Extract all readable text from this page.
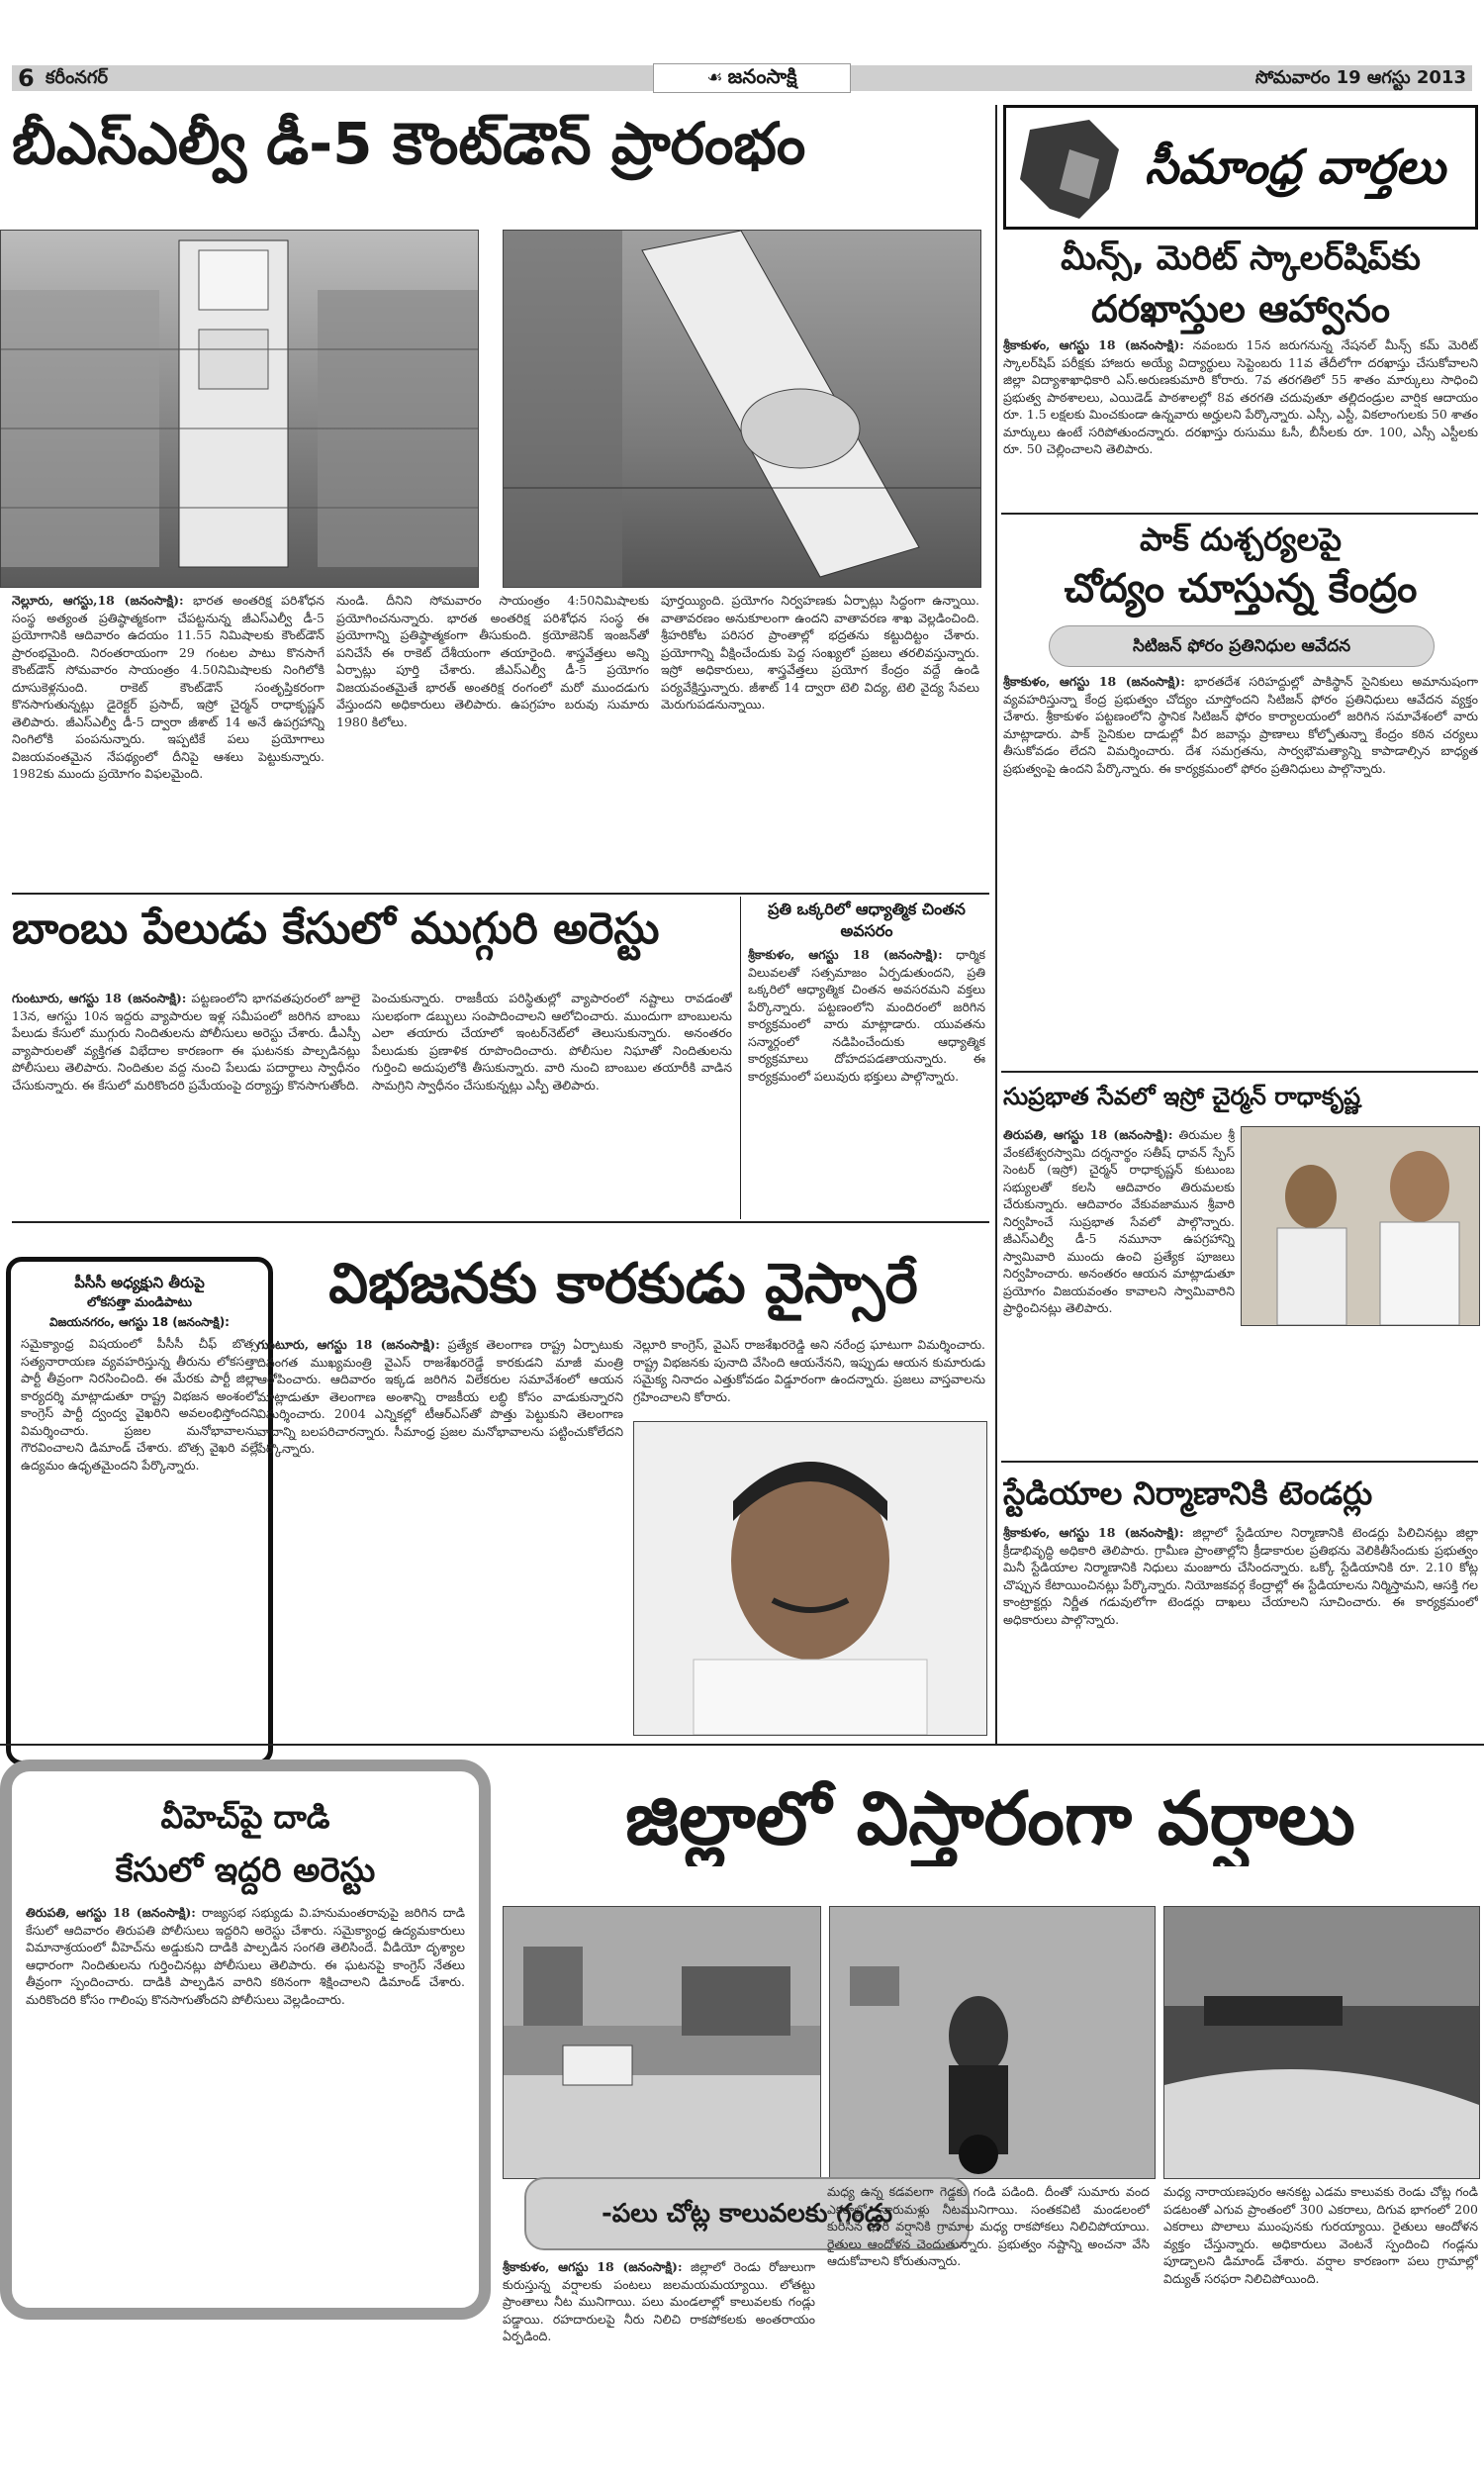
6 కరీంనగర్	☙ జనంసాక్షి	సోమవారం 19 ఆగస్టు 2013
బీఎస్ఎల్వీ డీ-5 కౌంట్‌డౌన్ ప్రారంభం
నెల్లూరు, ఆగస్టు,18 (జనంసాక్షి): భారత అంతరిక్ష పరిశోధన సంస్థ అత్యంత ప్రతిష్ఠాత్మకంగా చేపట్టనున్న జీఎస్ఎల్వీ డీ-5 ప్రయోగానికి ఆదివారం ఉదయం 11.55 నిమిషాలకు కౌంట్‌డౌన్ ప్రారంభమైంది. నిరంతరాయంగా 29 గంటల పాటు కొనసాగే కౌంట్‌డౌన్ సోమవారం సాయంత్రం 4.50నిమిషాలకు నింగిలోకి దూసుకెళ్లనుంది. రాకెట్ కౌంట్‌డౌన్ సంతృప్తికరంగా కొనసాగుతున్నట్లు డైరెక్టర్ ప్రసాద్, ఇస్రో చైర్మన్ రాధాకృష్ణన్ తెలిపారు. జీఎస్ఎల్వీ డీ-5 ద్వారా జీశాట్ 14 అనే ఉపగ్రహాన్ని నింగిలోకి పంపనున్నారు. ఇప్పటికే పలు ప్రయోగాలు విజయవంతమైన నేపథ్యంలో దీనిపై ఆశలు పెట్టుకున్నారు. 1982కు ముందు ప్రయోగం విఫలమైంది.
నుండి. దీనిని సోమవారం సాయంత్రం 4:50నిమిషాలకు ప్రయోగించనున్నారు. భారత అంతరిక్ష పరిశోధన సంస్థ ఈ ప్రయోగాన్ని ప్రతిష్ఠాత్మకంగా తీసుకుంది. క్రయోజెనిక్ ఇంజన్‌తో పనిచేసే ఈ రాకెట్ దేశీయంగా తయారైంది. శాస్త్రవేత్తలు అన్ని ఏర్పాట్లు పూర్తి చేశారు. జీఎస్ఎల్వీ డీ-5 ప్రయోగం విజయవంతమైతే భారత్ అంతరిక్ష రంగంలో మరో ముందడుగు వేస్తుందని అధికారులు తెలిపారు. ఉపగ్రహం బరువు సుమారు 1980 కిలోలు.
పూర్తయ్యింది. ప్రయోగం నిర్వహణకు ఏర్పాట్లు సిద్ధంగా ఉన్నాయి. వాతావరణం అనుకూలంగా ఉందని వాతావరణ శాఖ వెల్లడించింది. శ్రీహరికోట పరిసర ప్రాంతాల్లో భద్రతను కట్టుదిట్టం చేశారు. ప్రయోగాన్ని వీక్షించేందుకు పెద్ద సంఖ్యలో ప్రజలు తరలివస్తున్నారు. ఇస్రో అధికారులు, శాస్త్రవేత్తలు ప్రయోగ కేంద్రం వద్దే ఉండి పర్యవేక్షిస్తున్నారు. జీశాట్ 14 ద్వారా టెలి విద్య, టెలి వైద్య సేవలు మెరుగుపడనున్నాయి.
బాంబు పేలుడు కేసులో ముగ్గురి అరెస్టు
గుంటూరు, ఆగస్టు 18 (జనంసాక్షి): పట్టణంలోని భాగవతపురంలో జూలై 13న, ఆగస్టు 10న ఇద్దరు వ్యాపారుల ఇళ్ల సమీపంలో జరిగిన బాంబు పేలుడు కేసులో ముగ్గురు నిందితులను పోలీసులు అరెస్టు చేశారు. డీఎస్పీ వ్యాపారులతో వ్యక్తిగత విభేదాల కారణంగా ఈ ఘటనకు పాల్పడినట్లు పోలీసులు తెలిపారు. నిందితుల వద్ద నుంచి పేలుడు పదార్థాలు స్వాధీనం చేసుకున్నారు. ఈ కేసులో మరికొందరి ప్రమేయంపై దర్యాప్తు కొనసాగుతోంది.
పెంచుకున్నారు. రాజకీయ పరిస్థితుల్లో వ్యాపారంలో నష్టాలు రావడంతో సులభంగా డబ్బులు సంపాదించాలని ఆలోచించారు. ముందుగా బాంబులను ఎలా తయారు చేయాలో ఇంటర్‌నెట్‌లో తెలుసుకున్నారు. అనంతరం పేలుడుకు ప్రణాళిక రూపొందించారు. పోలీసుల నిఘాతో నిందితులను గుర్తించి అదుపులోకి తీసుకున్నారు. వారి నుంచి బాంబుల తయారీకి వాడిన సామగ్రిని స్వాధీనం చేసుకున్నట్లు ఎస్పీ తెలిపారు.
ప్రతి ఒక్కరిలో ఆధ్యాత్మిక చింతన
అవసరం
శ్రీకాకుళం, ఆగస్టు 18 (జనంసాక్షి): ధార్మిక విలువలతో సత్సమాజం ఏర్పడుతుందని, ప్రతి ఒక్కరిలో ఆధ్యాత్మిక చింతన అవసరమని వక్తలు పేర్కొన్నారు. పట్టణంలోని మందిరంలో జరిగిన కార్యక్రమంలో వారు మాట్లాడారు. యువతను సన్మార్గంలో నడిపించేందుకు ఆధ్యాత్మిక కార్యక్రమాలు దోహదపడతాయన్నారు. ఈ కార్యక్రమంలో పలువురు భక్తులు పాల్గొన్నారు.
పీసీసీ అధ్యక్షుని తీరుపై
లోకసత్తా మండిపాటు
విజయనగరం, ఆగస్టు 18 (జనంసాక్షి):
సమైక్యాంధ్ర విషయంలో పీసీసీ చీఫ్ బొత్స సత్యనారాయణ వ్యవహరిస్తున్న తీరును లోకసత్తా పార్టీ తీవ్రంగా నిరసించింది. ఈ మేరకు పార్టీ జిల్లా కార్యదర్శి మాట్లాడుతూ రాష్ట్ర విభజన అంశంలో కాంగ్రెస్ పార్టీ ద్వంద్వ వైఖరిని అవలంభిస్తోందని విమర్శించారు. ప్రజల మనోభావాలను గౌరవించాలని డిమాండ్ చేశారు. బొత్స వైఖరి వల్లే ఉద్యమం ఉధృతమైందని పేర్కొన్నారు.
విభజనకు కారకుడు వైస్సారే
గుంటూరు, ఆగస్టు 18 (జనంసాక్షి): ప్రత్యేక తెలంగాణ రాష్ట్ర ఏర్పాటుకు దివంగత ముఖ్యమంత్రి వైఎస్ రాజశేఖరరెడ్డే కారకుడని మాజీ మంత్రి ఆరోపించారు. ఆదివారం ఇక్కడ జరిగిన విలేకరుల సమావేశంలో ఆయన మాట్లాడుతూ తెలంగాణ అంశాన్ని రాజకీయ లబ్ధి కోసం వాడుకున్నారని విమర్శించారు. 2004 ఎన్నికల్లో టీఆర్ఎస్‌తో పొత్తు పెట్టుకుని తెలంగాణ వాదాన్ని బలపరిచారన్నారు. సీమాంధ్ర ప్రజల మనోభావాలను పట్టించుకోలేదని పేర్కొన్నారు.
నెల్లూరి కాంగ్రెస్, వైఎస్ రాజశేఖరరెడ్డి అని నరేంద్ర ఘాటుగా విమర్శించారు. రాష్ట్ర విభజనకు పునాది వేసింది ఆయనేనని, ఇప్పుడు ఆయన కుమారుడు సమైక్య నినాదం ఎత్తుకోవడం విడ్డూరంగా ఉందన్నారు. ప్రజలు వాస్తవాలను గ్రహించాలని కోరారు.
సీమాంధ్ర వార్తలు
మీన్స్, మెరిట్ స్కాలర్‌షిప్‌కు
దరఖాస్తుల ఆహ్వానం
శ్రీకాకుళం, ఆగస్టు 18 (జనంసాక్షి): నవంబరు 15న జరుగనున్న నేషనల్ మీన్స్ కమ్ మెరిట్ స్కాలర్‌షిప్ పరీక్షకు హాజరు అయ్యే విద్యార్థులు సెప్టెంబరు 11వ తేదీలోగా దరఖాస్తు చేసుకోవాలని జిల్లా విద్యాశాఖాధికారి ఎస్.అరుణకుమారి కోరారు. 7వ తరగతిలో 55 శాతం మార్కులు సాధించి ప్రభుత్వ పాఠశాలలు, ఎయిడెడ్ పాఠశాలల్లో 8వ తరగతి చదువుతూ తల్లిదండ్రుల వార్షిక ఆదాయం రూ. 1.5 లక్షలకు మించకుండా ఉన్నవారు అర్హులని పేర్కొన్నారు. ఎస్సీ, ఎస్టీ, వికలాంగులకు 50 శాతం మార్కులు ఉంటే సరిపోతుందన్నారు. దరఖాస్తు రుసుము ఓసీ, బీసీలకు రూ. 100, ఎస్సీ ఎస్టీలకు రూ. 50 చెల్లించాలని తెలిపారు.
పాక్ దుశ్చర్యలపై
చోద్యం చూస్తున్న కేంద్రం
సిటిజన్ ఫోరం ప్రతినిధుల ఆవేదన
శ్రీకాకుళం, ఆగస్టు 18 (జనంసాక్షి): భారతదేశ సరిహద్దుల్లో పాకిస్థాన్ సైనికులు అమానుషంగా వ్యవహరిస్తున్నా కేంద్ర ప్రభుత్వం చోద్యం చూస్తోందని సిటిజన్ ఫోరం ప్రతినిధులు ఆవేదన వ్యక్తం చేశారు. శ్రీకాకుళం పట్టణంలోని స్థానిక సిటిజన్ ఫోరం కార్యాలయంలో జరిగిన సమావేశంలో వారు మాట్లాడారు. పాక్ సైనికుల దాడుల్లో వీర జవాన్లు ప్రాణాలు కోల్పోతున్నా కేంద్రం కఠిన చర్యలు తీసుకోవడం లేదని విమర్శించారు. దేశ సమగ్రతను, సార్వభౌమత్యాన్ని కాపాడాల్సిన బాధ్యత ప్రభుత్వంపై ఉందని పేర్కొన్నారు. ఈ కార్యక్రమంలో ఫోరం ప్రతినిధులు పాల్గొన్నారు.
సుప్రభాత సేవలో ఇస్రో చైర్మన్ రాధాకృష్ణ
తిరుపతి, ఆగస్టు 18 (జనంసాక్షి): తిరుమల శ్రీ వేంకటేశ్వరస్వామి దర్శనార్థం సతీష్ ధావన్ స్పేస్ సెంటర్ (ఇస్రో) చైర్మన్ రాధాకృష్ణన్ కుటుంబ సభ్యులతో కలసి ఆదివారం తిరుమలకు చేరుకున్నారు. ఆదివారం వేకువజామున శ్రీవారి నిర్వహించే సుప్రభాత సేవలో పాల్గొన్నారు. జీఎస్ఎల్వీ డీ-5 నమూనా ఉపగ్రహాన్ని స్వామివారి ముందు ఉంచి ప్రత్యేక పూజలు నిర్వహించారు. అనంతరం ఆయన మాట్లాడుతూ ప్రయోగం విజయవంతం కావాలని స్వామివారిని ప్రార్థించినట్లు తెలిపారు.
స్టేడియాల నిర్మాణానికి టెండర్లు
శ్రీకాకుళం, ఆగస్టు 18 (జనంసాక్షి): జిల్లాలో స్టేడియాల నిర్మాణానికి టెండర్లు పిలిచినట్లు జిల్లా క్రీడాభివృద్ధి అధికారి తెలిపారు. గ్రామీణ ప్రాంతాల్లోని క్రీడాకారుల ప్రతిభను వెలికితీసేందుకు ప్రభుత్వం మినీ స్టేడియాల నిర్మాణానికి నిధులు మంజూరు చేసిందన్నారు. ఒక్కో స్టేడియానికి రూ. 2.10 కోట్ల చొప్పున కేటాయించినట్లు పేర్కొన్నారు. నియోజకవర్గ కేంద్రాల్లో ఈ స్టేడియాలను నిర్మిస్తామని, ఆసక్తి గల కాంట్రాక్టర్లు నిర్ణీత గడువులోగా టెండర్లు దాఖలు చేయాలని సూచించారు. ఈ కార్యక్రమంలో అధికారులు పాల్గొన్నారు.
వీహెచ్‌పై దాడి
కేసులో ఇద్దరి అరెస్టు
తిరుపతి, ఆగస్టు 18 (జనంసాక్షి): రాజ్యసభ సభ్యుడు వి.హనుమంతరావుపై జరిగిన దాడి కేసులో ఆదివారం తిరుపతి పోలీసులు ఇద్దరిని అరెస్టు చేశారు. సమైక్యాంధ్ర ఉద్యమకారులు విమానాశ్రయంలో వీహెచ్‌ను అడ్డుకుని దాడికి పాల్పడిన సంగతి తెలిసిందే. వీడియో దృశ్యాల ఆధారంగా నిందితులను గుర్తించినట్లు పోలీసులు తెలిపారు. ఈ ఘటనపై కాంగ్రెస్ నేతలు తీవ్రంగా స్పందించారు. దాడికి పాల్పడిన వారిని కఠినంగా శిక్షించాలని డిమాండ్ చేశారు. మరికొందరి కోసం గాలింపు కొనసాగుతోందని పోలీసులు వెల్లడించారు.
జిల్లాలో విస్తారంగా వర్షాలు
-పలు చోట్ల కాలువలకు గండ్లు
శ్రీకాకుళం, ఆగస్టు 18 (జనంసాక్షి): జిల్లాలో రెండు రోజులుగా కురుస్తున్న వర్షాలకు పంటలు జలమయమయ్యాయి. లోతట్టు ప్రాంతాలు నీట మునిగాయి. పలు మండలాల్లో కాలువలకు గండ్లు పడ్డాయి. రహదారులపై నీరు నిలిచి రాకపోకలకు అంతరాయం ఏర్పడింది.
మధ్య ఉన్న కడవలగా గెడ్డకు గండి పడింది. దీంతో సుమారు వంద ఎకరాల్లో నారుమళ్లు నీటమునిగాయి. సంతకవిటి మండలంలో కురిసిన భారీ వర్షానికి గ్రామాల మధ్య రాకపోకలు నిలిచిపోయాయి. రైతులు ఆందోళన చెందుతున్నారు. ప్రభుత్వం నష్టాన్ని అంచనా వేసి ఆదుకోవాలని కోరుతున్నారు.
మధ్య నారాయణపురం ఆనకట్ట ఎడమ కాలువకు రెండు చోట్ల గండి పడటంతో ఎగువ ప్రాంతంలో 300 ఎకరాలు, దిగువ భాగంలో 200 ఎకరాలు పొలాలు ముంపునకు గురయ్యాయి. రైతులు ఆందోళన వ్యక్తం చేస్తున్నారు. అధికారులు వెంటనే స్పందించి గండ్లను పూడ్చాలని డిమాండ్ చేశారు. వర్షాల కారణంగా పలు గ్రామాల్లో విద్యుత్ సరఫరా నిలిచిపోయింది.
